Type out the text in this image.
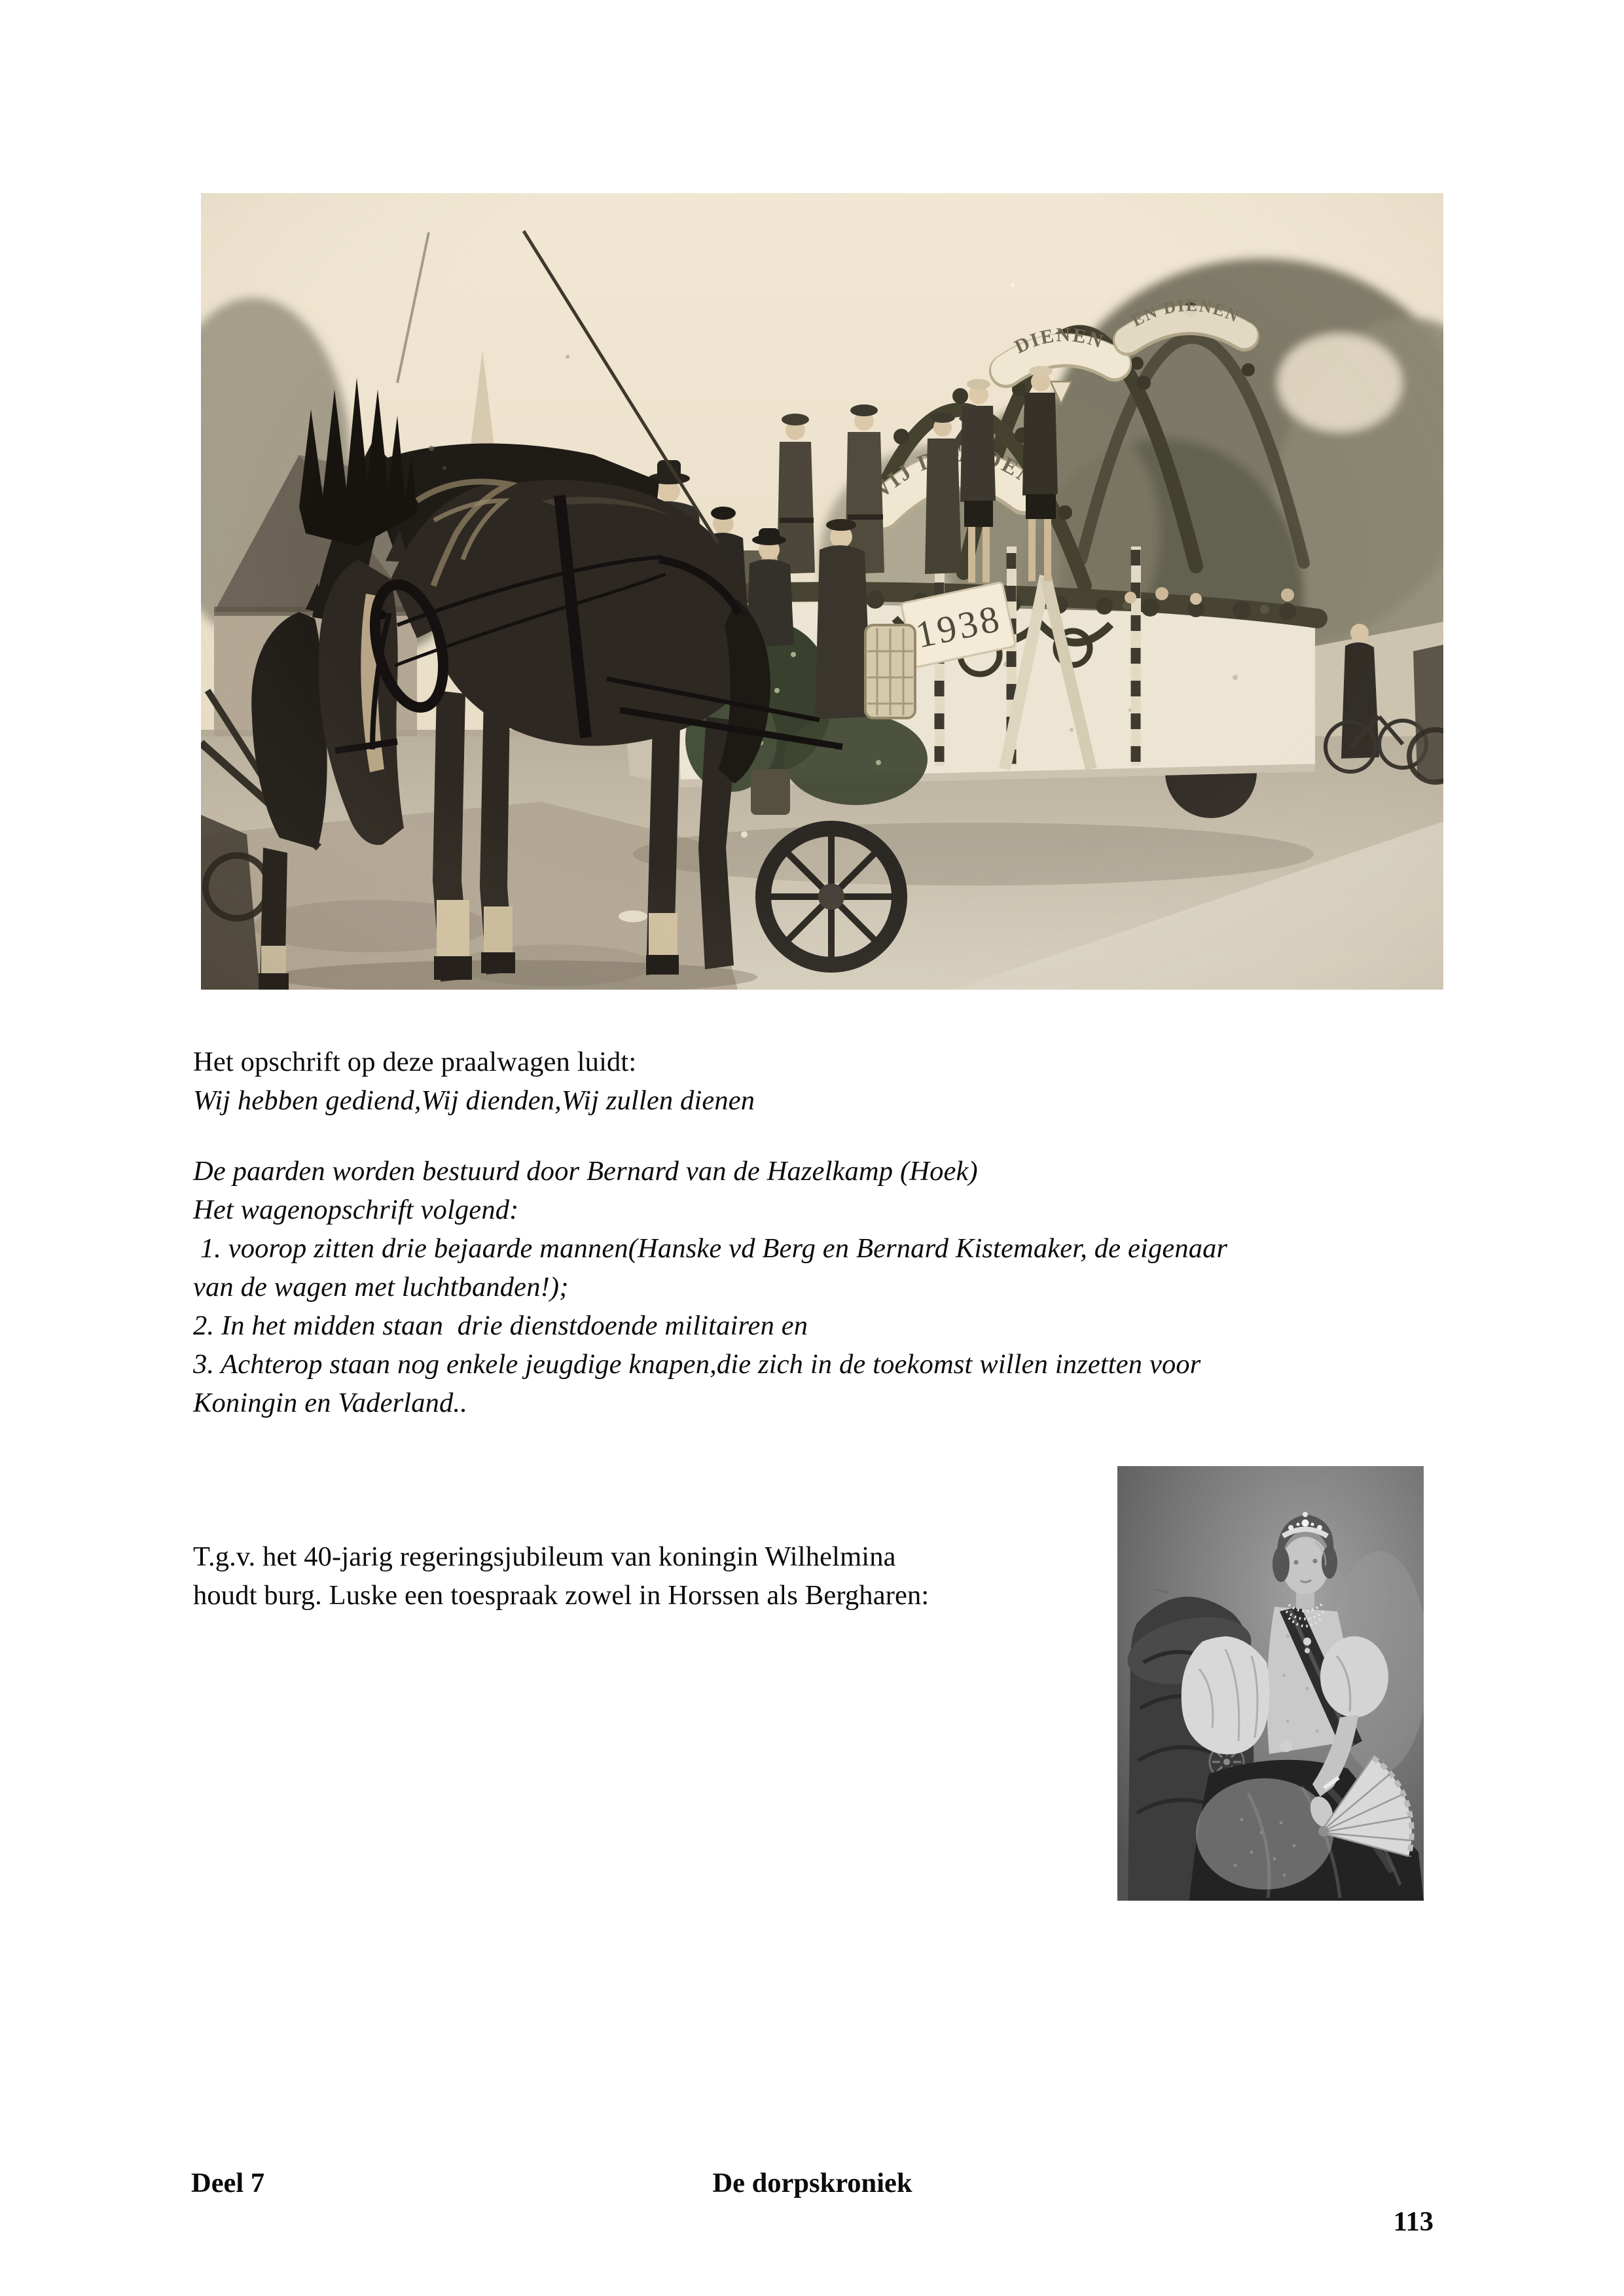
Het opschrift op deze praalwagen luidt:
Wij hebben gediend,Wij dienden,Wij zullen dienen
De paarden worden bestuurd door Bernard van de Hazelkamp (Hoek)
Het wagenopschrift volgend:
1. voorop zitten drie bejaarde mannen(Hanske vd Berg en Bernard Kistemaker, de eigenaar
van de wagen met luchtbanden!);
2. In het midden staan  drie dienstdoende militairen en
3. Achterop staan nog enkele jeugdige knapen,die zich in de toekomst willen inzetten voor
Koningin en Vaderland..
T.g.v. het 40-jarig regeringsjubileum van koningin Wilhelmina
houdt burg. Luske een toespraak zowel in Horssen als Bergharen:
Deel 7	De dorpskroniek
113
